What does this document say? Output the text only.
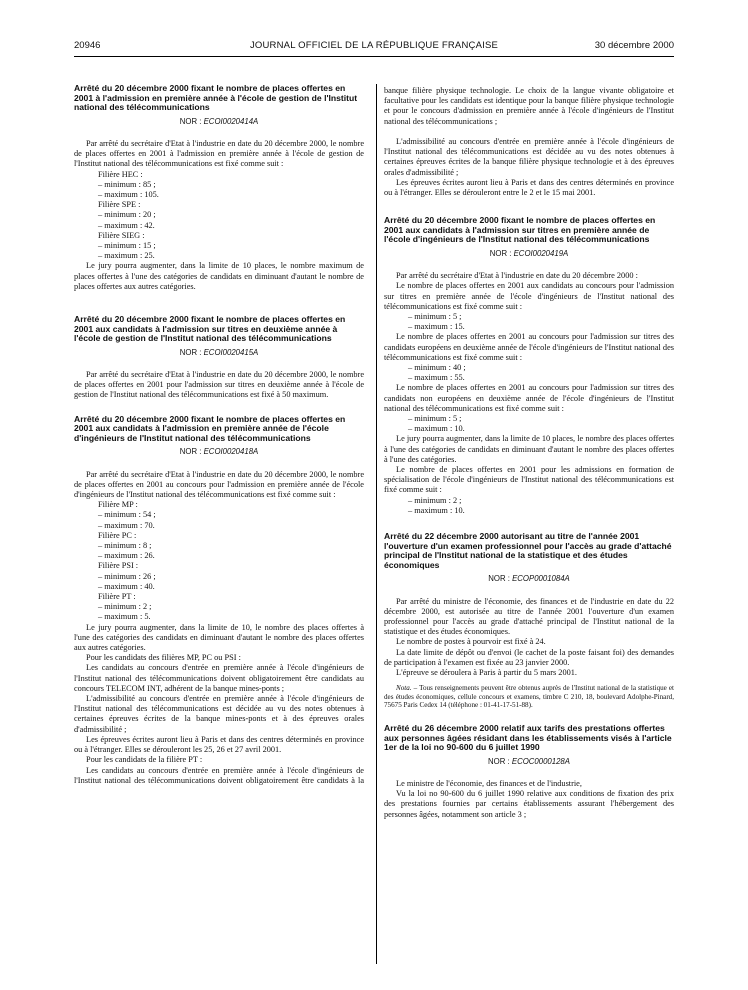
20946	JOURNAL OFFICIEL DE LA RÉPUBLIQUE FRANÇAISE	30 décembre 2000
Arrêté du 20 décembre 2000 fixant le nombre de places offertes en 2001 à l'admission en première année à l'école de gestion de l'Institut national des télécommunications
NOR : ECOI0020414A

Par arrêté du secrétaire d'Etat à l'industrie en date du 20 décembre 2000, le nombre de places offertes en 2001 à l'admission en première année à l'école de gestion de l'Institut national des télécommunications est fixé comme suit :

Filière HEC :

– minimum : 85 ;

– maximum : 105.

Filière SPE :

– minimum : 20 ;

– maximum : 42.

Filière SIEG :

– minimum : 15 ;

– maximum : 25.

Le jury pourra augmenter, dans la limite de 10 places, le nombre maximum de places offertes à l'une des catégories de candidats en diminuant d'autant le nombre de places offertes aux autres catégories.

Arrêté du 20 décembre 2000 fixant le nombre de places offertes en 2001 aux candidats à l'admission sur titres en deuxième année à l'école de gestion de l'Institut national des télécommunications
NOR : ECOI0020415A

Par arrêté du secrétaire d'Etat à l'industrie en date du 20 décembre 2000, le nombre de places offertes en 2001 pour l'admission sur titres en deuxième année à l'école de gestion de l'Institut national des télécommunications est fixé à 50 maximum.

Arrêté du 20 décembre 2000 fixant le nombre de places offertes en 2001 aux candidats à l'admission en première année de l'école d'ingénieurs de l'Institut national des télécommunications
NOR : ECOI0020418A

Par arrêté du secrétaire d'Etat à l'industrie en date du 20 décembre 2000, le nombre de places offertes en 2001 au concours pour l'admission en première année de l'école d'ingénieurs de l'Institut national des télécommunications est fixé comme suit :

Filière MP :

– minimum : 54 ;

– maximum : 70.

Filière PC :

– minimum : 8 ;

– maximum : 26.

Filière PSI :

– minimum : 26 ;

– maximum : 40.

Filière PT :

– minimum : 2 ;

– maximum : 5.

Le jury pourra augmenter, dans la limite de 10, le nombre des places offertes à l'une des catégories des candidats en diminuant d'autant le nombre des places offertes aux autres catégories.

Pour les candidats des filières MP, PC ou PSI :

Les candidats au concours d'entrée en première année à l'école d'ingénieurs de l'Institut national des télécommunications doivent obligatoirement être candidats au concours TELECOM INT, adhérent de la banque mines-ponts ;

L'admissibilité au concours d'entrée en première année à l'école d'ingénieurs de l'Institut national des télécommunications est décidée au vu des notes obtenues à certaines épreuves écrites de la banque mines-ponts et à des épreuves orales d'admissibilité ;

Les épreuves écrites auront lieu à Paris et dans des centres déterminés en province ou à l'étranger. Elles se dérouleront les 25, 26 et 27 avril 2001.

Pour les candidats de la filière PT :

Les candidats au concours d'entrée en première année à l'école d'ingénieurs de l'Institut national des télécommunications doivent obligatoirement être candidats à la

banque filière physique technologie. Le choix de la langue vivante obligatoire et facultative pour les candidats est identique pour la banque filière physique technologie et pour le concours d'admission en première année à l'école d'ingénieurs de l'Institut national des télécommunications ;

L'admissibilité au concours d'entrée en première année à l'école d'ingénieurs de l'Institut national des télécommunications est décidée au vu des notes obtenues à certaines épreuves écrites de la banque filière physique technologie et à des épreuves orales d'admissibilité ;

Les épreuves écrites auront lieu à Paris et dans des centres déterminés en province ou à l'étranger. Elles se dérouleront entre le 2 et le 15 mai 2001.

Arrêté du 20 décembre 2000 fixant le nombre de places offertes en 2001 aux candidats à l'admission sur titres en première année de l'école d'ingénieurs de l'Institut national des télécommunications
NOR : ECOI0020419A

Par arrêté du secrétaire d'Etat à l'industrie en date du 20 décembre 2000 :

Le nombre de places offertes en 2001 aux candidats au concours pour l'admission sur titres en première année de l'école d'ingénieurs de l'Institut national des télécommunications est fixé comme suit :

– minimum : 5 ;

– maximum : 15.

Le nombre de places offertes en 2001 au concours pour l'admission sur titres des candidats européens en deuxième année de l'école d'ingénieurs de l'Institut national des télécommunications est fixé comme suit :

– minimum : 40 ;

– maximum : 55.

Le nombre de places offertes en 2001 au concours pour l'admission sur titres des candidats non européens en deuxième année de l'école d'ingénieurs de l'Institut national des télécommunications est fixé comme suit :

– minimum : 5 ;

– maximum : 10.

Le jury pourra augmenter, dans la limite de 10 places, le nombre des places offertes à l'une des catégories de candidats en diminuant d'autant le nombre des places offertes à l'une des catégories.

Le nombre de places offertes en 2001 pour les admissions en formation de spécialisation de l'école d'ingénieurs de l'Institut national des télécommunications est fixé comme suit :

– minimum : 2 ;

– maximum : 10.

Arrêté du 22 décembre 2000 autorisant au titre de l'année 2001 l'ouverture d'un examen professionnel pour l'accès au grade d'attaché principal de l'Institut national de la statistique et des études économiques
NOR : ECOP0001084A

Par arrêté du ministre de l'économie, des finances et de l'industrie en date du 22 décembre 2000, est autorisée au titre de l'année 2001 l'ouverture d'un examen professionnel pour l'accès au grade d'attaché principal de l'Institut national de la statistique et des études économiques.

Le nombre de postes à pourvoir est fixé à 24.

La date limite de dépôt ou d'envoi (le cachet de la poste faisant foi) des demandes de participation à l'examen est fixée au 23 janvier 2000.

L'épreuve se déroulera à Paris à partir du 5 mars 2001.

Nota. – Tous renseignements peuvent être obtenus auprès de l'Institut national de la statistique et des études économiques, cellule concours et examens, timbre C 210, 18, boulevard Adolphe-Pinard, 75675 Paris Cedex 14 (téléphone : 01-41-17-51-88).

Arrêté du 26 décembre 2000 relatif aux tarifs des prestations offertes aux personnes âgées résidant dans les établissements visés à l'article 1er de la loi no 90-600 du 6 juillet 1990
NOR : ECOC0000128A

Le ministre de l'économie, des finances et de l'industrie,

Vu la loi no 90-600 du 6 juillet 1990 relative aux conditions de fixation des prix des prestations fournies par certains établissements assurant l'hébergement des personnes âgées, notamment son article 3 ;
